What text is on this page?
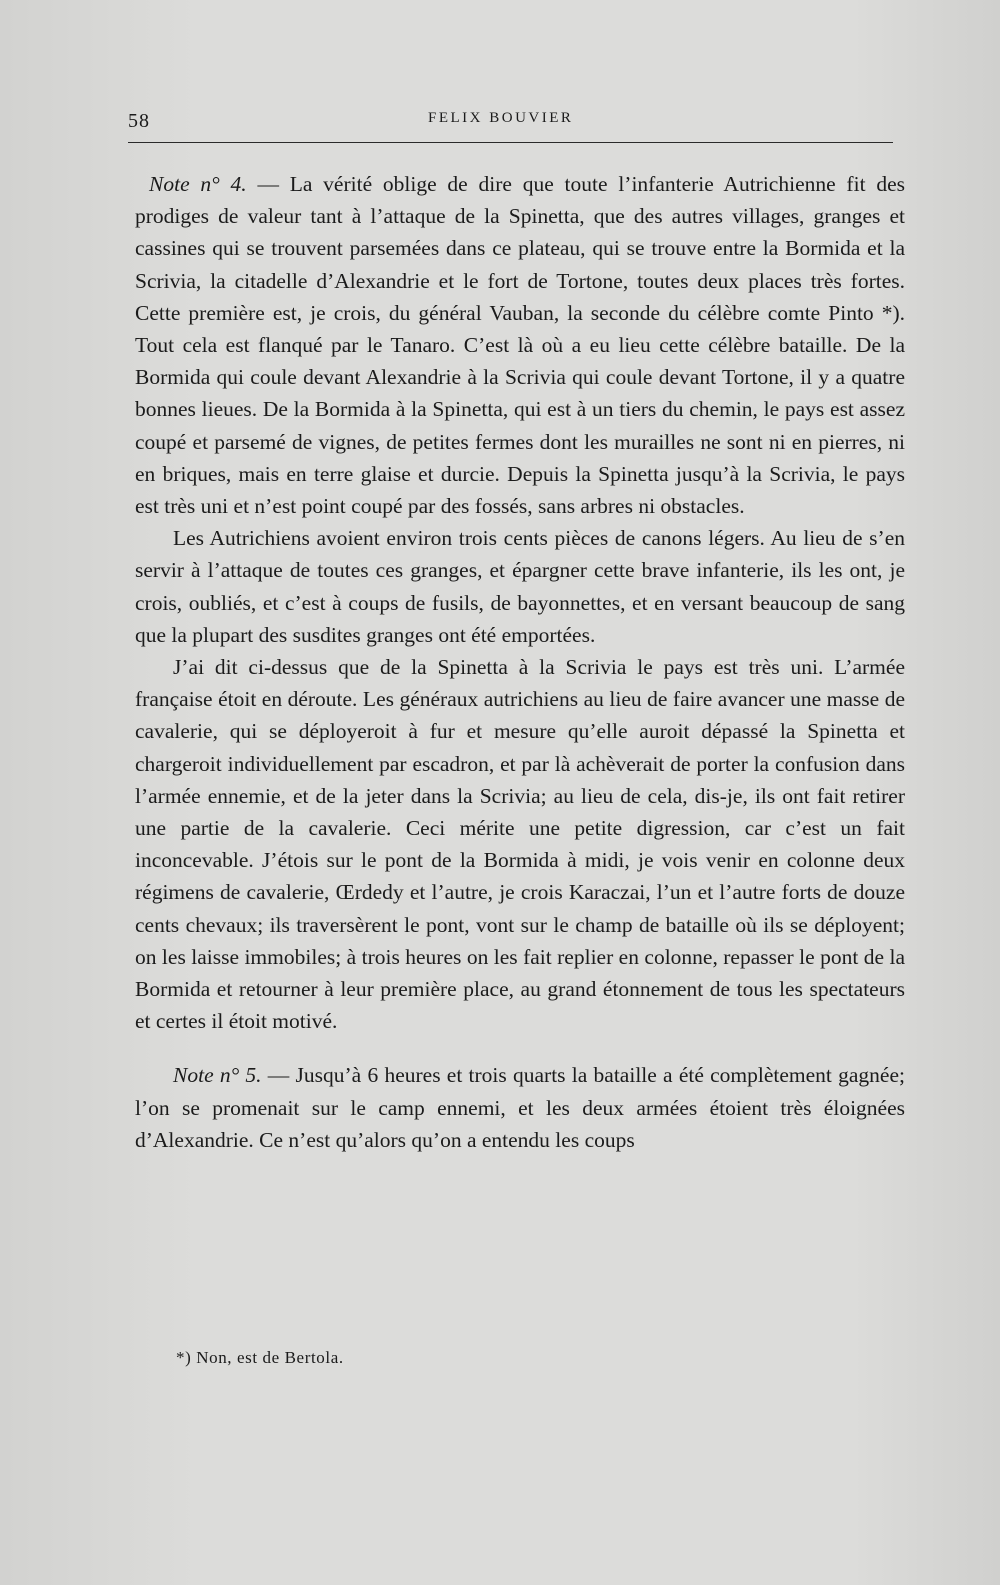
58	FELIX BOUVIER

Note n° 4. — La vérité oblige de dire que toute l’infanterie Autrichienne fit des prodiges de valeur tant à l’attaque de la Spinetta, que des autres villages, granges et cassines qui se trouvent parsemées dans ce plateau, qui se trouve entre la Bormida et la Scrivia, la citadelle d’Alexandrie et le fort de Tortone, toutes deux places très fortes. Cette première est, je crois, du général Vauban, la seconde du célèbre comte Pinto *). Tout cela est flanqué par le Tanaro. C’est là où a eu lieu cette célèbre bataille. De la Bormida qui coule devant Alexandrie à la Scrivia qui coule devant Tortone, il y a quatre bonnes lieues. De la Bormida à la Spinetta, qui est à un tiers du chemin, le pays est assez coupé et parsemé de vignes, de petites fermes dont les murailles ne sont ni en pierres, ni en briques, mais en terre glaise et durcie. Depuis la Spinetta jusqu’à la Scrivia, le pays est très uni et n’est point coupé par des fossés, sans arbres ni obstacles.

Les Autrichiens avoient environ trois cents pièces de canons légers. Au lieu de s’en servir à l’attaque de toutes ces granges, et épargner cette brave infanterie, ils les ont, je crois, oubliés, et c’est à coups de fusils, de bayonnettes, et en versant beaucoup de sang que la plupart des susdites granges ont été emportées.

J’ai dit ci-dessus que de la Spinetta à la Scrivia le pays est très uni. L’armée française étoit en déroute. Les généraux autrichiens au lieu de faire avancer une masse de cavalerie, qui se déployeroit à fur et mesure qu’elle auroit dépassé la Spinetta et chargeroit individuellement par escadron, et par là achèverait de porter la confusion dans l’armée ennemie, et de la jeter dans la Scrivia; au lieu de cela, dis-je, ils ont fait retirer une partie de la cavalerie. Ceci mérite une petite digression, car c’est un fait inconcevable. J’étois sur le pont de la Bormida à midi, je vois venir en colonne deux régimens de cavalerie, Œrdedy et l’autre, je crois Karaczai, l’un et l’autre forts de douze cents chevaux; ils traversèrent le pont, vont sur le champ de bataille où ils se déployent; on les laisse immobiles; à trois heures on les fait replier en colonne, repasser le pont de la Bormida et retourner à leur première place, au grand étonnement de tous les spectateurs et certes il étoit motivé.

Note n° 5. — Jusqu’à 6 heures et trois quarts la bataille a été complètement gagnée; l’on se promenait sur le camp ennemi, et les deux armées étoient très éloignées d’Alexandrie. Ce n’est qu’alors qu’on a entendu les coups

*) Non, est de Bertola.
